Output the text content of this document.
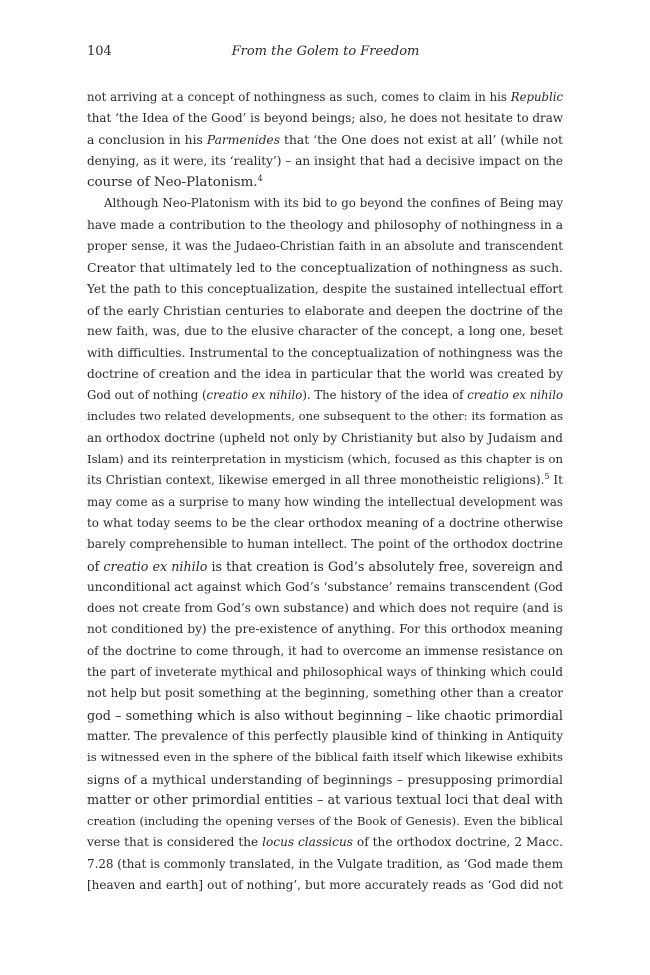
104	From the Golem to Freedom
not arriving at a concept of nothingness as such, comes to claim in his Republic
that ‘the Idea of the Good’ is beyond beings; also, he does not hesitate to draw
a conclusion in his Parmenides that ‘the One does not exist at all’ (while not
denying, as it were, its ‘reality’) – an insight that had a decisive impact on the
course of Neo-Platonism.$^4$
Although Neo-Platonism with its bid to go beyond the confines of Being may
have made a contribution to the theology and philosophy of nothingness in a
proper sense, it was the Judaeo-Christian faith in an absolute and transcendent
Creator that ultimately led to the conceptualization of nothingness as such.
Yet the path to this conceptualization, despite the sustained intellectual effort
of the early Christian centuries to elaborate and deepen the doctrine of the
new faith, was, due to the elusive character of the concept, a long one, beset
with difficulties. Instrumental to the conceptualization of nothingness was the
doctrine of creation and the idea in particular that the world was created by
God out of nothing (creatio ex nihilo). The history of the idea of creatio ex nihilo
includes two related developments, one subsequent to the other: its formation as
an orthodox doctrine (upheld not only by Christianity but also by Judaism and
Islam) and its reinterpretation in mysticism (which, focused as this chapter is on
its Christian context, likewise emerged in all three monotheistic religions).$^5$ It
may come as a surprise to many how winding the intellectual development was
to what today seems to be the clear orthodox meaning of a doctrine otherwise
barely comprehensible to human intellect. The point of the orthodox doctrine
of creatio ex nihilo is that creation is God’s absolutely free, sovereign and
unconditional act against which God’s ‘substance’ remains transcendent (God
does not create from God’s own substance) and which does not require (and is
not conditioned by) the pre-existence of anything. For this orthodox meaning
of the doctrine to come through, it had to overcome an immense resistance on
the part of inveterate mythical and philosophical ways of thinking which could
not help but posit something at the beginning, something other than a creator
god – something which is also without beginning – like chaotic primordial
matter. The prevalence of this perfectly plausible kind of thinking in Antiquity
is witnessed even in the sphere of the biblical faith itself which likewise exhibits
signs of a mythical understanding of beginnings – presupposing primordial
matter or other primordial entities – at various textual loci that deal with
creation (including the opening verses of the Book of Genesis). Even the biblical
verse that is considered the locus classicus of the orthodox doctrine, 2 Macc.
7.28 (that is commonly translated, in the Vulgate tradition, as ‘God made them
[heaven and earth] out of nothing’, but more accurately reads as ‘God did not
